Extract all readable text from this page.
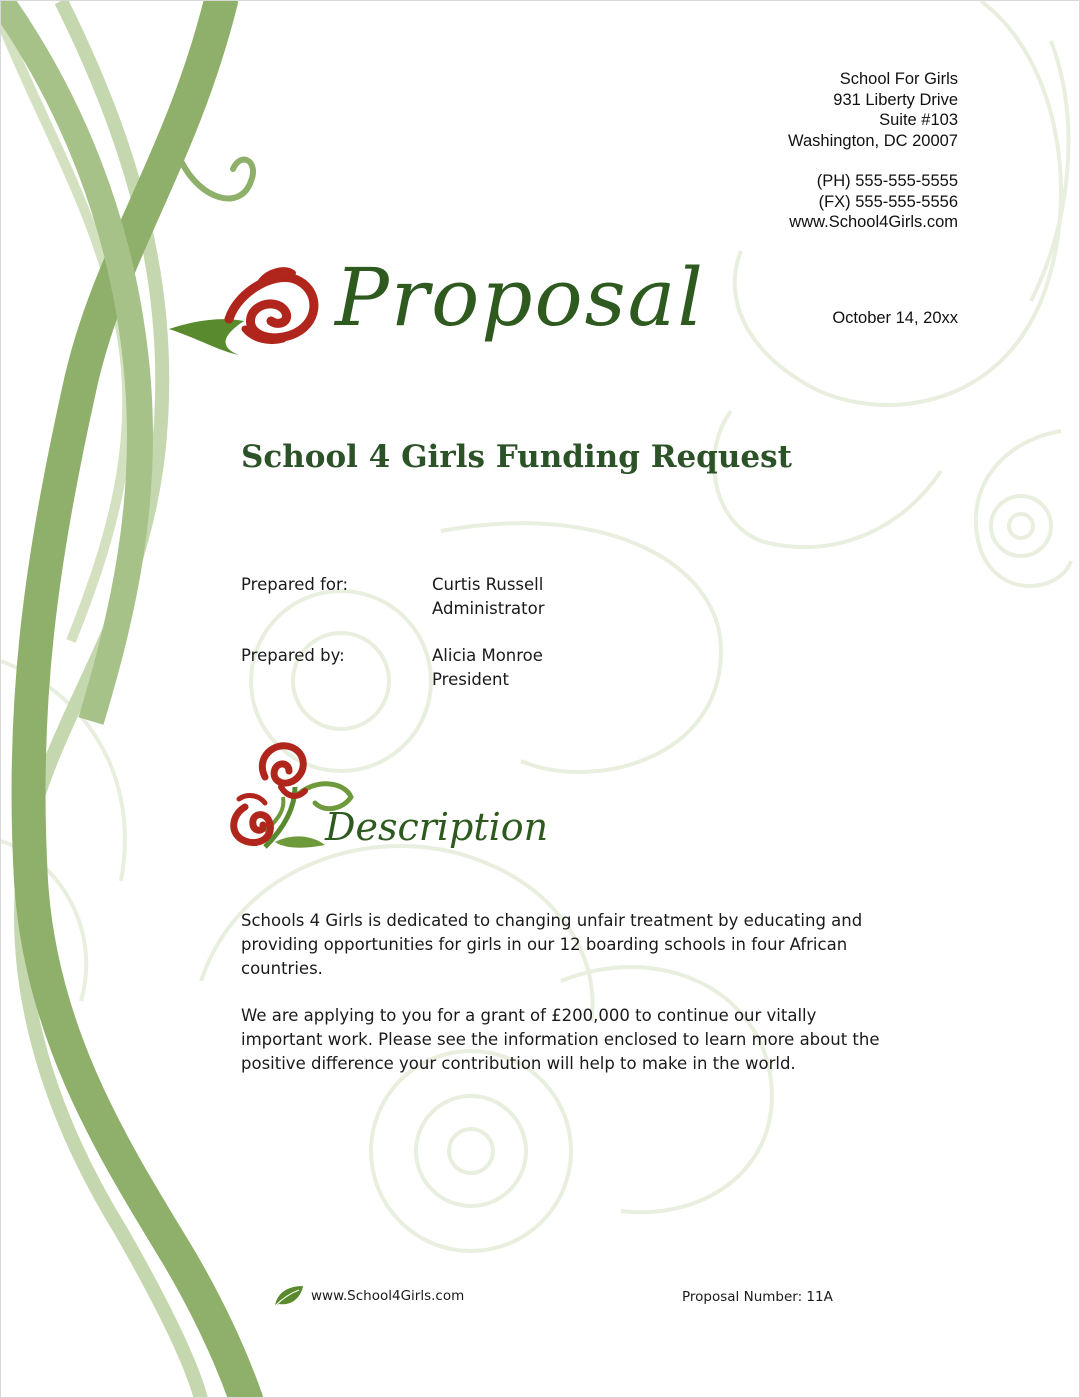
School For Girls
931 Liberty Drive
Suite #103
Washington, DC 20007
(PH) 555-555-5555
(FX) 555-555-5556
www.School4Girls.com
October 14, 20xx
Proposal
School 4 Girls Funding Request
Prepared for:	Curtis Russell
Administrator
Prepared by:	Alicia Monroe
President
Description
Schools 4 Girls is dedicated to changing unfair treatment by educating and providing opportunities for girls in our 12 boarding schools in four African countries.
We are applying to you for a grant of £200,000 to continue our vitally important work. Please see the information enclosed to learn more about the positive difference your contribution will help to make in the world.
www.School4Girls.com	Proposal Number: 11A
